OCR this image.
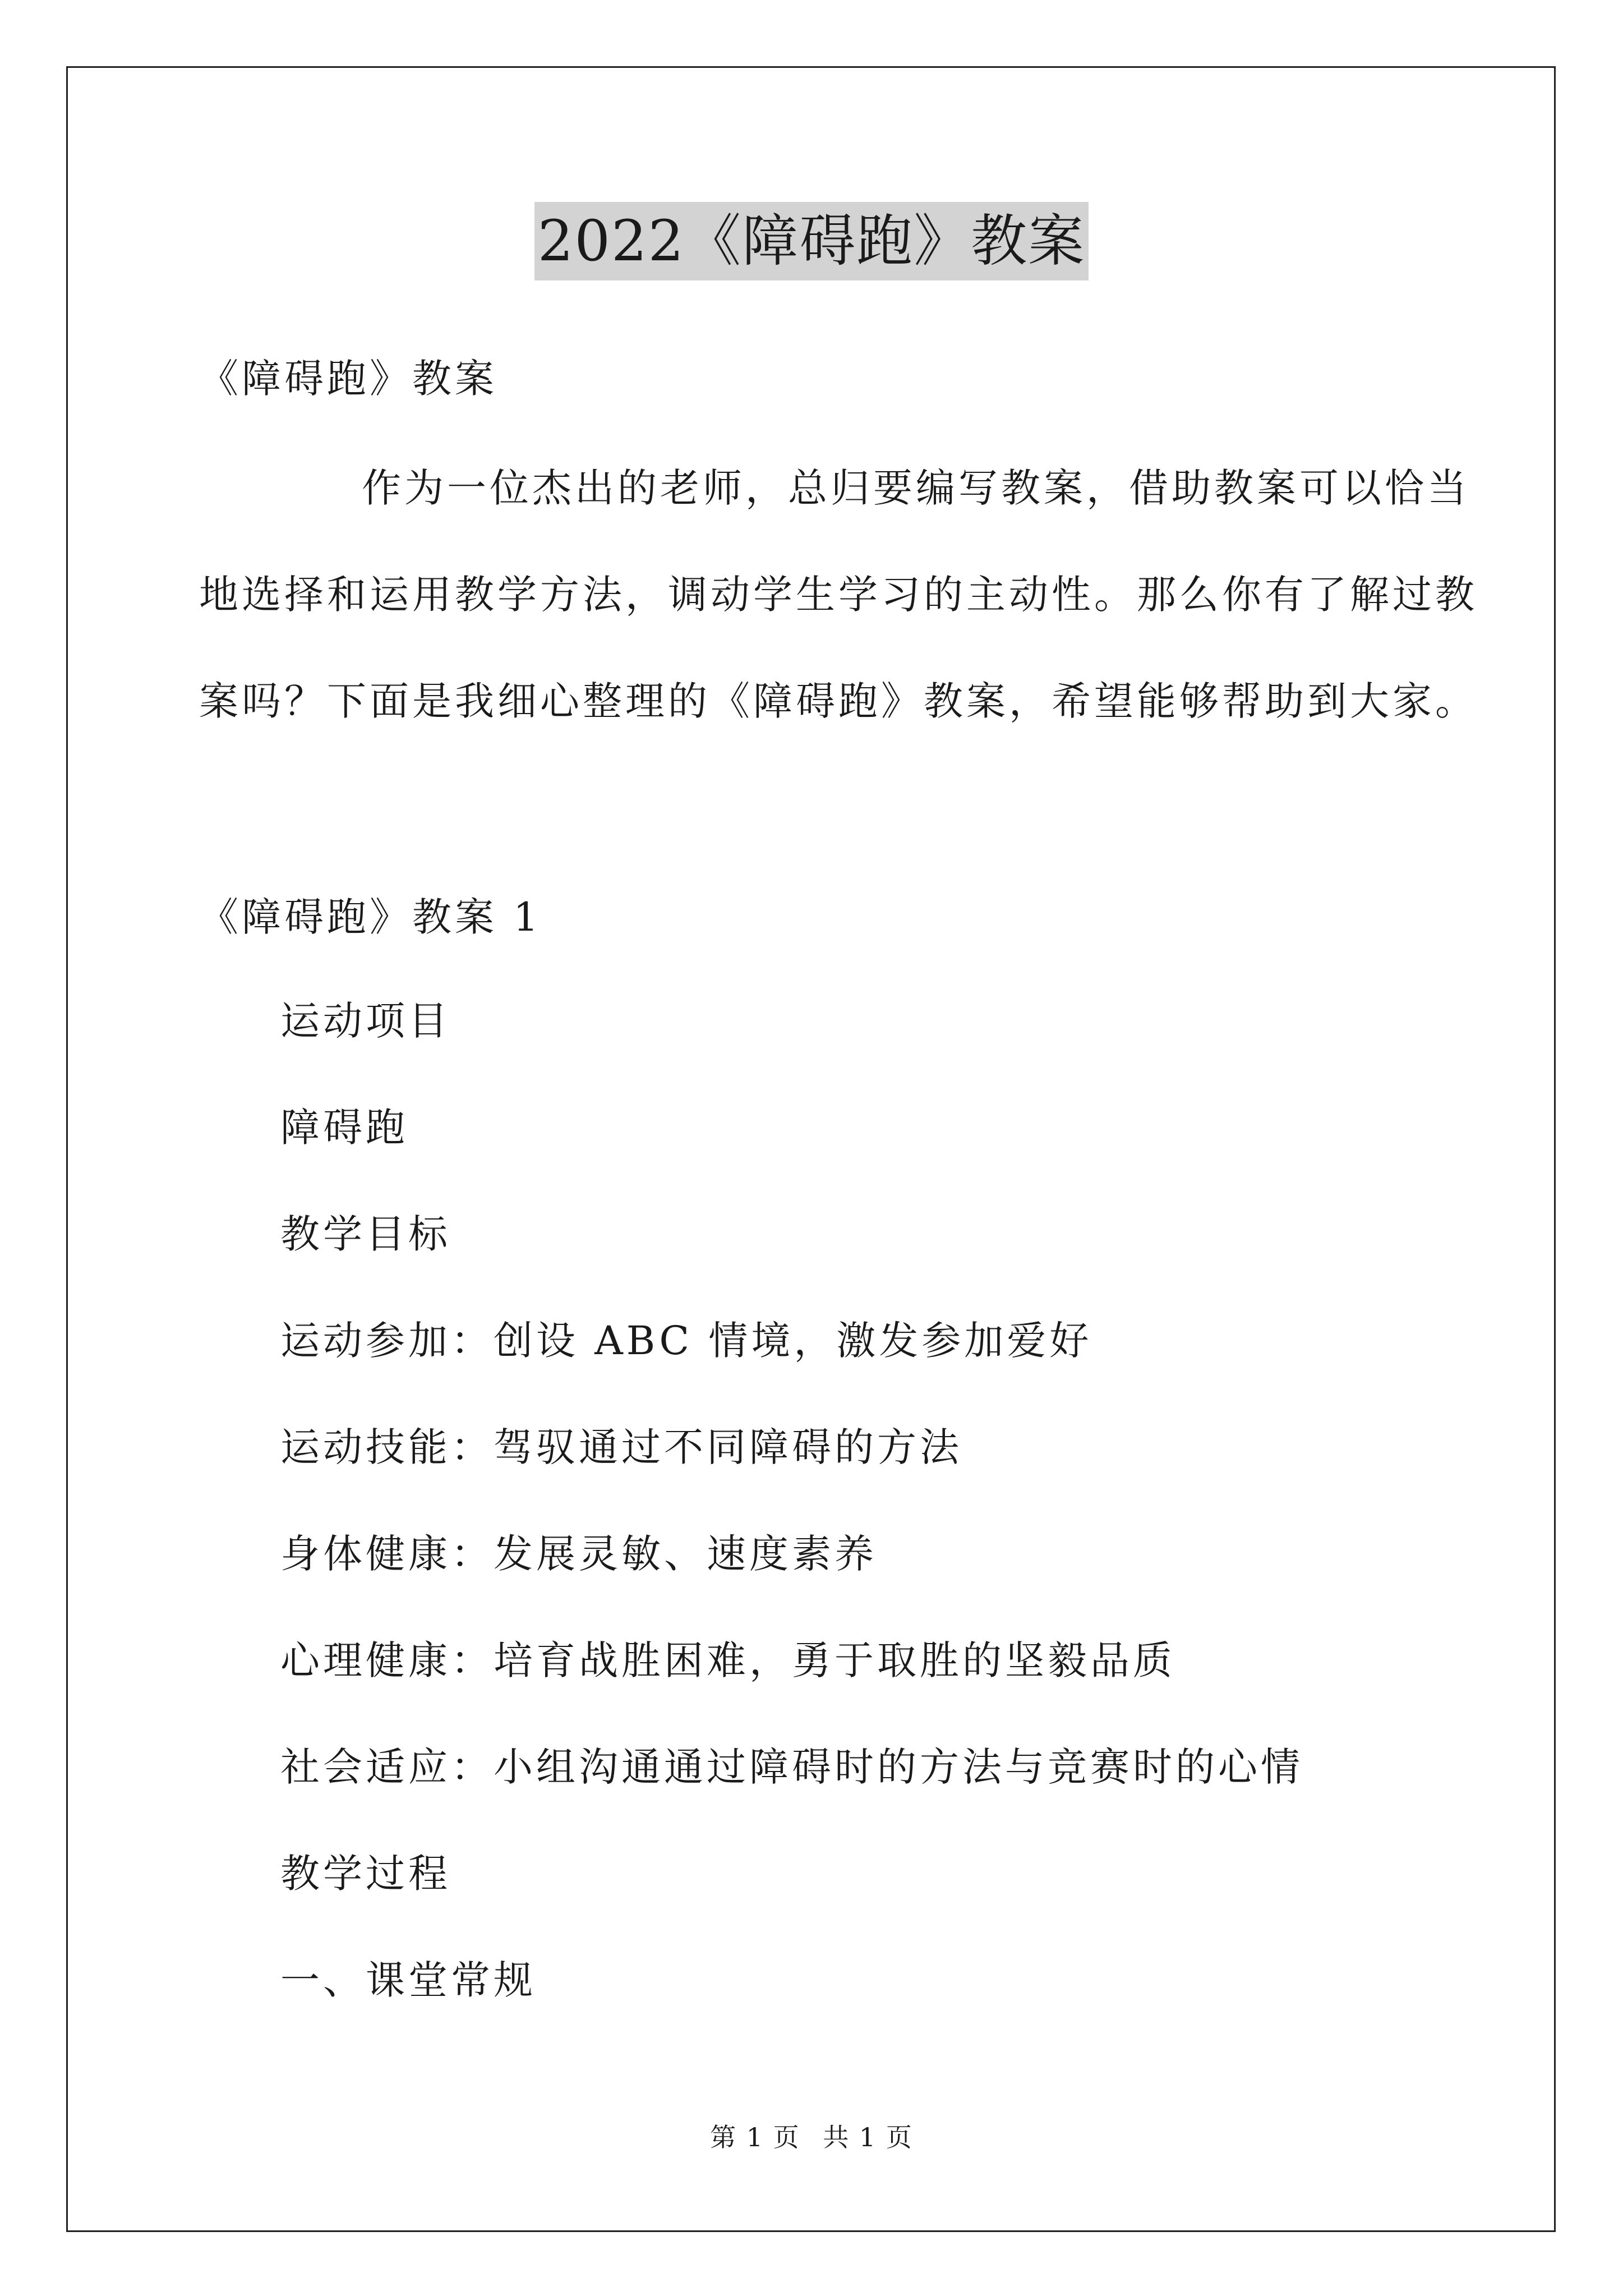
2022《障碍跑》教案
《障碍跑》教案
作为一位杰出的老师，总归要编写教案，借助教案可以恰当
地选择和运用教学方法，调动学生学习的主动性。那么你有了解过教
案吗？下面是我细心整理的《障碍跑》教案，希望能够帮助到大家。
《障碍跑》教案 1
运动项目
障碍跑
教学目标
运动参加：创设 ABC 情境，激发参加爱好
运动技能：驾驭通过不同障碍的方法
身体健康：发展灵敏、速度素养
心理健康：培育战胜困难，勇于取胜的坚毅品质
社会适应：小组沟通通过障碍时的方法与竞赛时的心情
教学过程
一、课堂常规
第 1 页 共 1 页
